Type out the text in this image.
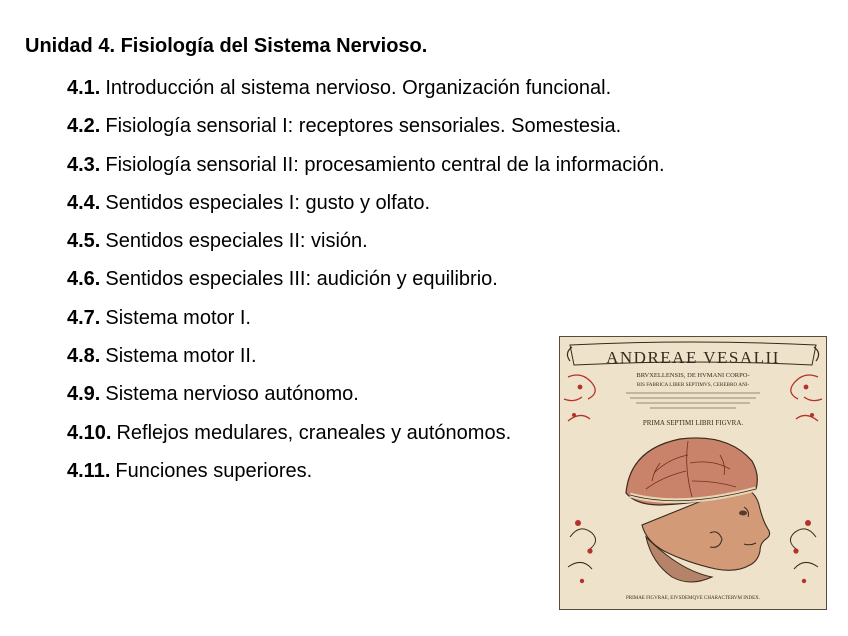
Unidad 4. Fisiología del Sistema Nervioso.
4.1. Introducción al sistema nervioso. Organización funcional.
4.2. Fisiología sensorial I: receptores sensoriales. Somestesia.
4.3. Fisiología sensorial II: procesamiento central de la información.
4.4. Sentidos especiales I: gusto y olfato.
4.5. Sentidos especiales II: visión.
4.6. Sentidos especiales III: audición y equilibrio.
4.7. Sistema motor I.
4.8. Sistema motor II.
4.9. Sistema nervioso autónomo.
4.10. Reflejos medulares, craneales y autónomos.
4.11. Funciones superiores.
ANDREAE VESALII
BRVXELLENSIS, DE HVMANI CORPO-
RIS FABRICA LIBER SEPTIMVS, CEREBRO ANI-
PRIMA SEPTIMI LIBRI FIGVRA.
PRIMAE FIGVRAE, EIVSDEMQVE CHARACTERVM INDEX.
